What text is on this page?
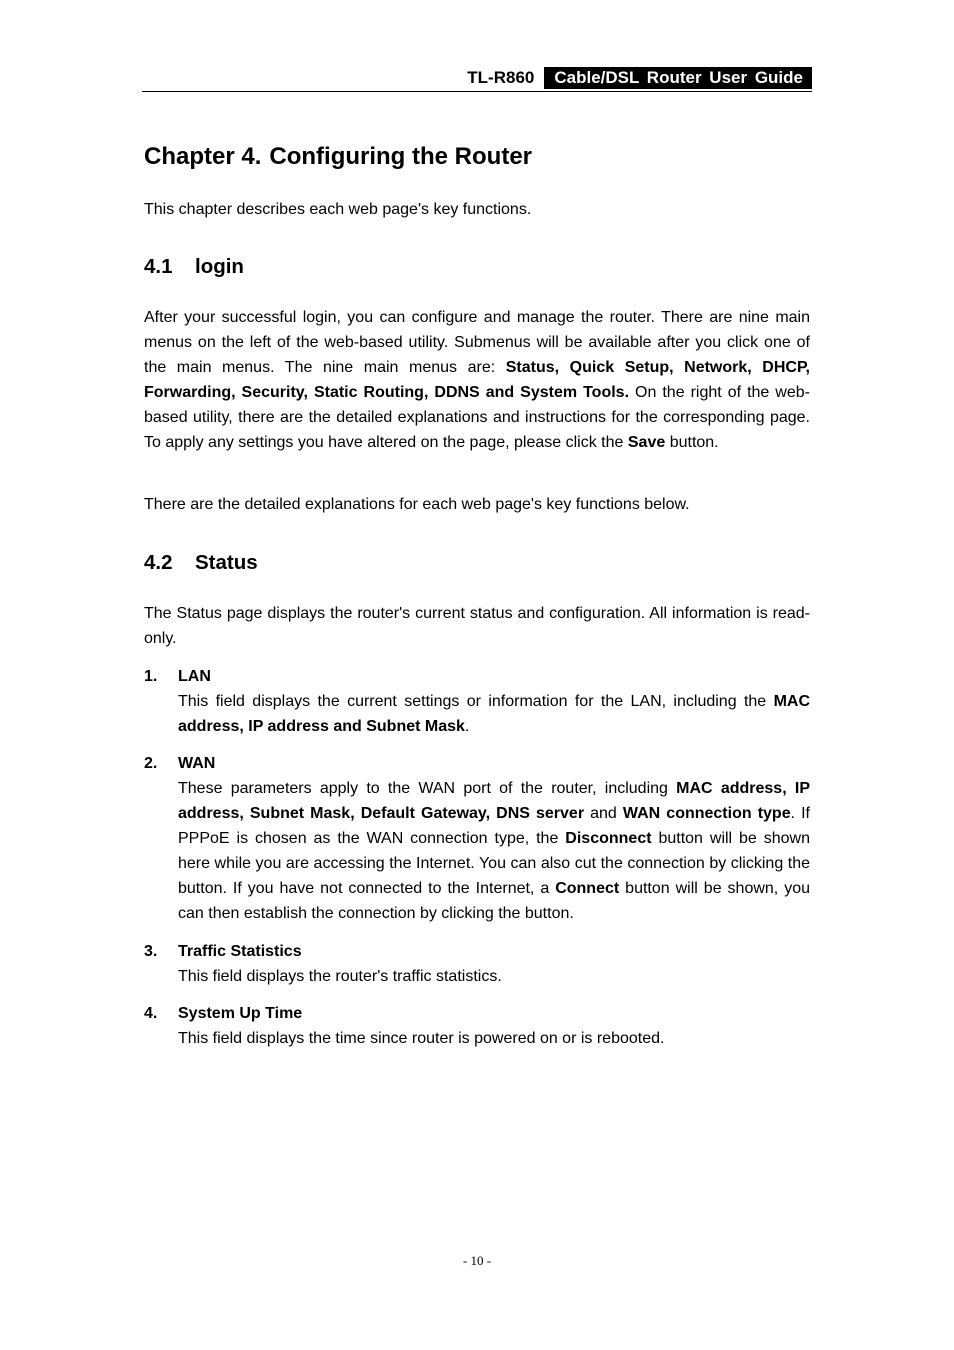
TL-R860 Cable/DSL Router User Guide
Chapter 4. Configuring the Router

This chapter describes each web page's key functions.

4.1 login

After your successful login, you can configure and manage the router. There are nine main menus on the left of the web-based utility. Submenus will be available after you click one of the main menus. The nine main menus are: Status, Quick Setup, Network, DHCP, Forwarding, Security, Static Routing, DDNS and System Tools. On the right of the web-based utility, there are the detailed explanations and instructions for the corresponding page. To apply any settings you have altered on the page, please click the Save button.

There are the detailed explanations for each web page's key functions below.

4.2 Status

The Status page displays the router's current status and configuration. All information is read-only.

1. LAN

This field displays the current settings or information for the LAN, including the MAC address, IP address and Subnet Mask.

2. WAN

These parameters apply to the WAN port of the router, including MAC address, IP address, Subnet Mask, Default Gateway, DNS server and WAN connection type. If PPPoE is chosen as the WAN connection type, the Disconnect button will be shown here while you are accessing the Internet. You can also cut the connection by clicking the button. If you have not connected to the Internet, a Connect button will be shown, you can then establish the connection by clicking the button.

3. Traffic Statistics

This field displays the router's traffic statistics.

4. System Up Time

This field displays the time since router is powered on or is rebooted.

- 10 -
